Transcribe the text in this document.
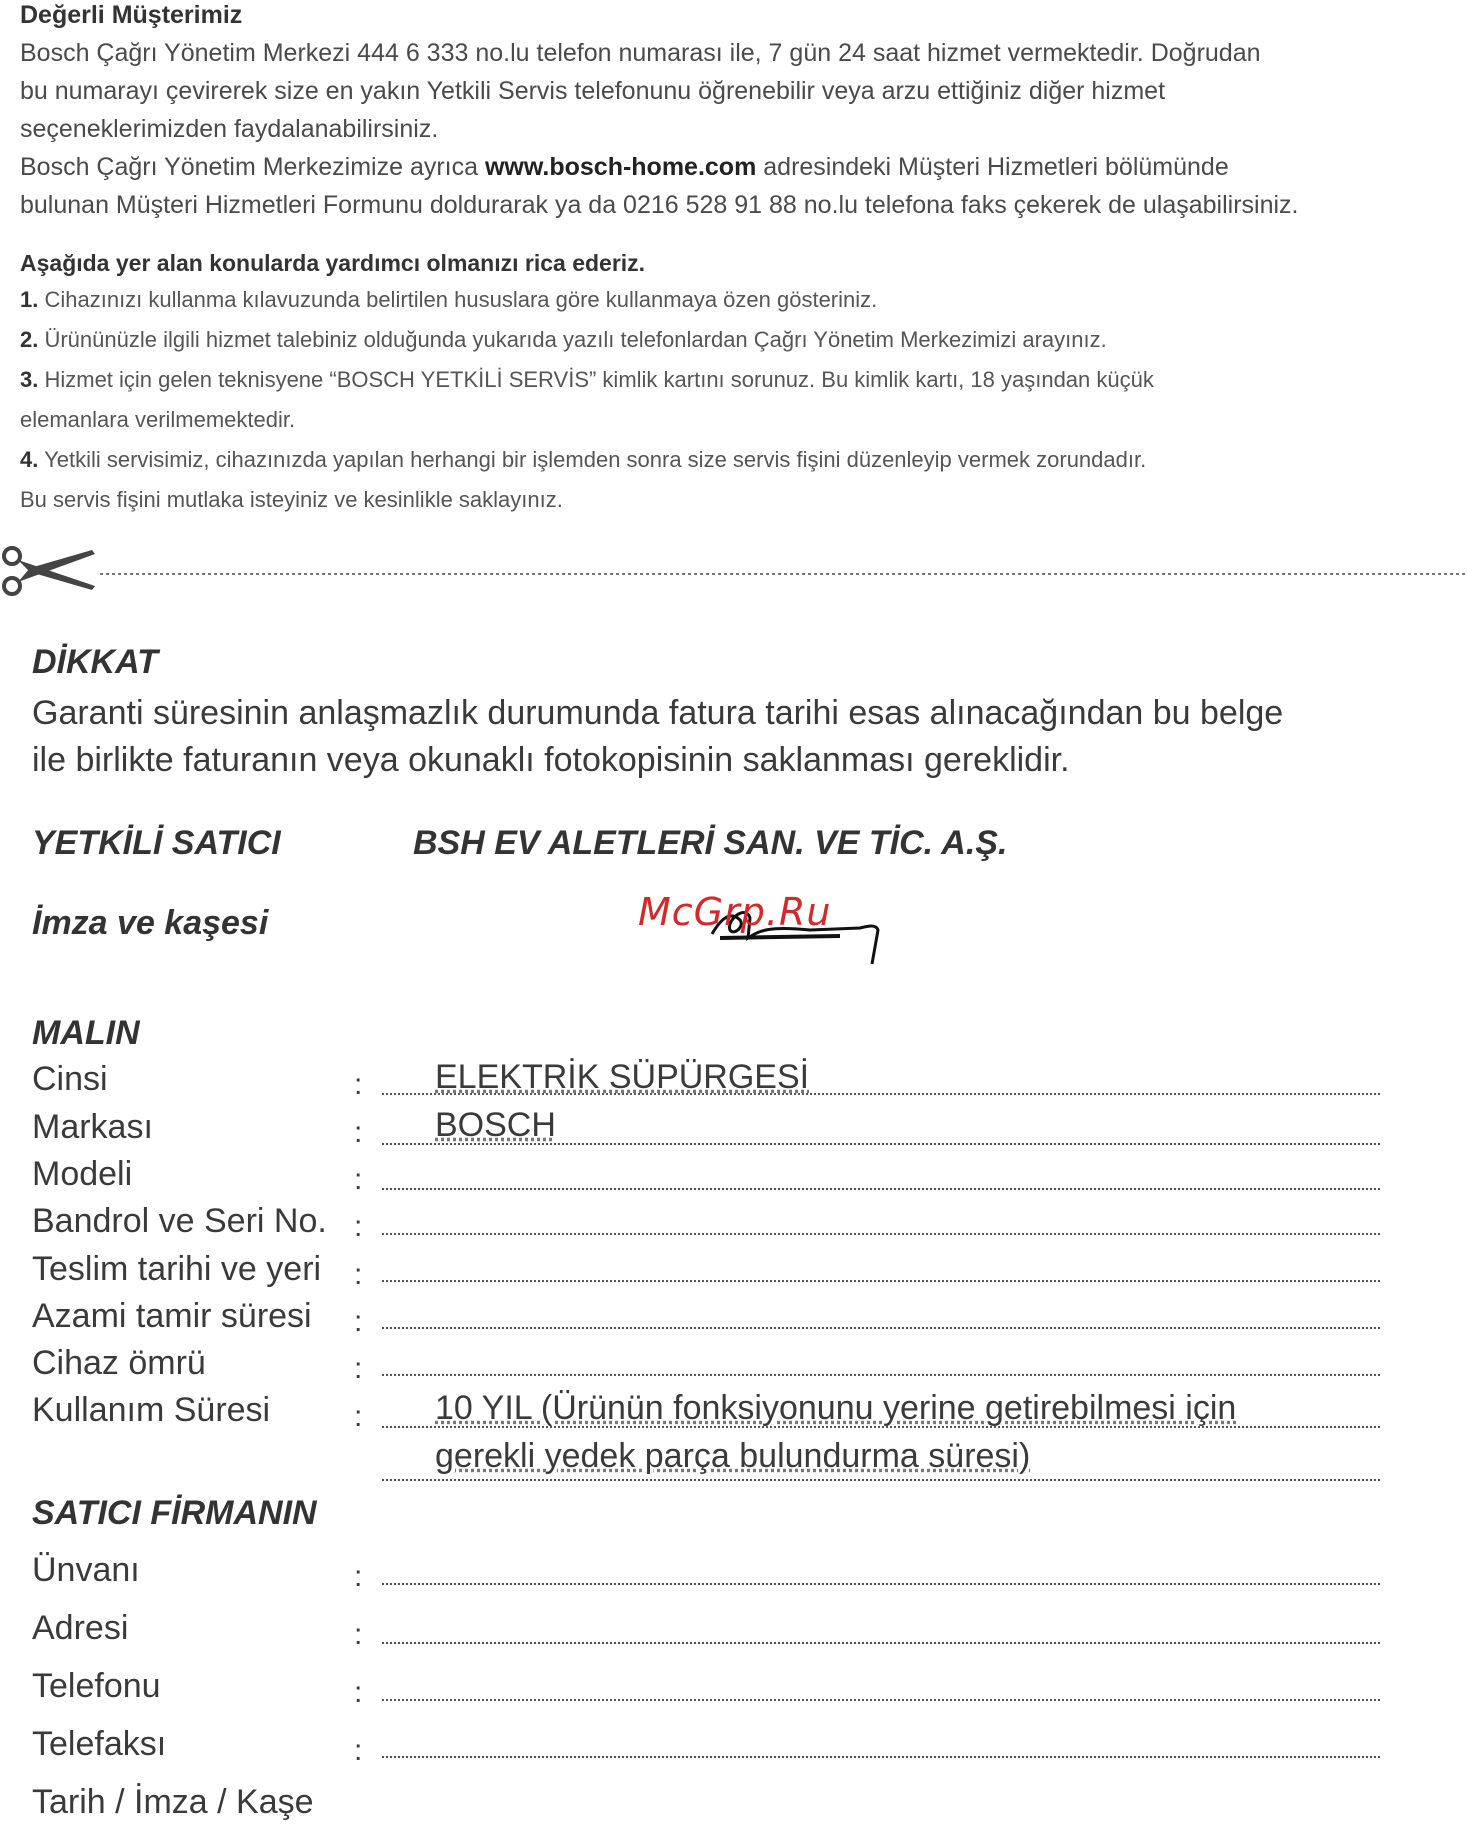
Değerli Müşterimiz
Bosch Çağrı Yönetim Merkezi 444 6 333 no.lu telefon numarası ile, 7 gün 24 saat hizmet vermektedir. Doğrudan
bu numarayı çevirerek size en yakın Yetkili Servis telefonunu öğrenebilir veya arzu ettiğiniz diğer hizmet
seçeneklerimizden faydalanabilirsiniz.
Bosch Çağrı Yönetim Merkezimize ayrıca www.bosch-home.com adresindeki Müşteri Hizmetleri bölümünde
bulunan Müşteri Hizmetleri Formunu doldurarak ya da 0216 528 91 88 no.lu telefona faks çekerek de ulaşabilirsiniz.
Aşağıda yer alan konularda yardımcı olmanızı rica ederiz.
1. Cihazınızı kullanma kılavuzunda belirtilen hususlara göre kullanmaya özen gösteriniz.
2. Ürününüzle ilgili hizmet talebiniz olduğunda yukarıda yazılı telefonlardan Çağrı Yönetim Merkezimizi arayınız.
3. Hizmet için gelen teknisyene “BOSCH YETKİLİ SERVİS” kimlik kartını sorunuz. Bu kimlik kartı, 18 yaşından küçük
elemanlara verilmemektedir.
4. Yetkili servisimiz, cihazınızda yapılan herhangi bir işlemden sonra size servis fişini düzenleyip vermek zorundadır.
Bu servis fişini mutlaka isteyiniz ve kesinlikle saklayınız.
DİKKAT
Garanti süresinin anlaşmazlık durumunda fatura tarihi esas alınacağından bu belge
ile birlikte faturanın veya okunaklı fotokopisinin saklanması gereklidir.
YETKİLİ SATICI	BSH EV ALETLERİ SAN. VE TİC. A.Ş.
İmza ve kaşesi	McGrp.Ru
MALIN
Cinsi	: ELEKTRİK SÜPÜRGESİ
Markası	: BOSCH
Modeli	:
Bandrol ve Seri No. :
Teslim tarihi ve yeri :
Azami tamir süresi :
Cihaz ömrü	:
Kullanım Süresi	: 10 YIL (Ürünün fonksiyonunu yerine getirebilmesi için
gerekli yedek parça bulundurma süresi)
SATICI FİRMANIN
Ünvanı	:
Adresi	:
Telefonu	:
Telefaksı	:
Tarih / İmza / Kaşe
